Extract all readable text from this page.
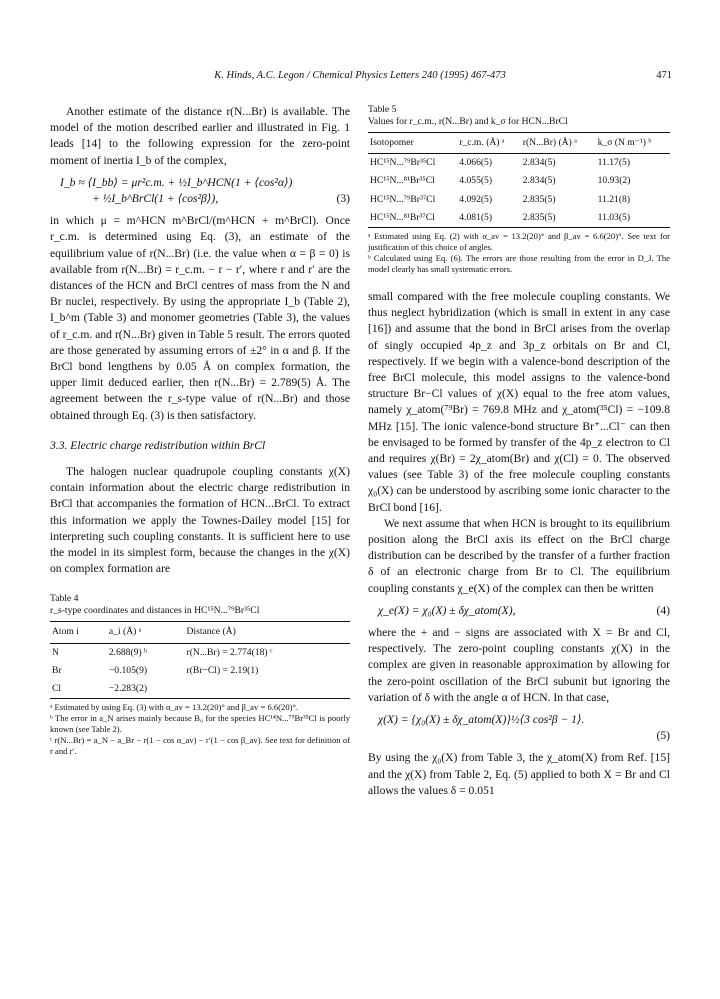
K. Hinds, A.C. Legon / Chemical Physics Letters 240 (1995) 467-473	471

Another estimate of the distance r(N...Br) is available. The model of the motion described earlier and illustrated in Fig. 1 leads [14] to the following expression for the zero-point moment of inertia I_b of the complex,

I_b ≈ ⟨I_bb⟩ = μr²c.m. + ½I_b^HCN(1 + ⟨cos²α⟩)
+ ½I_b^BrCl(1 + ⟨cos²β⟩),	(3)

in which μ = m^HCN m^BrCl/(m^HCN + m^BrCl). Once r_c.m. is determined using Eq. (3), an estimate of the equilibrium value of r(N...Br) (i.e. the value when α = β = 0) is available from r(N...Br) = r_c.m. − r − r′, where r and r′ are the distances of the HCN and BrCl centres of mass from the N and Br nuclei, respectively. By using the appropriate I_b (Table 2), I_b^m (Table 3) and monomer geometries (Table 3), the values of r_c.m. and r(N...Br) given in Table 5 result. The errors quoted are those generated by assuming errors of ±2° in α and β. If the BrCl bond lengthens by 0.05 Å on complex formation, the upper limit deduced earlier, then r(N...Br) = 2.789(5) Å. The agreement between the r_s-type value of r(N...Br) and those obtained through Eq. (3) is then satisfactory.

3.3. Electric charge redistribution within BrCl

The halogen nuclear quadrupole coupling constants χ(X) contain information about the electric charge redistribution in BrCl that accompanies the formation of HCN...BrCl. To extract this information we apply the Townes-Dailey model [15] for interpreting such coupling constants. It is sufficient here to use the model in its simplest form, because the changes in the χ(X) on complex formation are

Table 4

r_s-type coordinates and distances in HC¹⁵N...⁷⁹Br³⁵Cl

Atom i	a_i (Å) ᵃ	Distance (Å)
N	2.688(9) ᵇ	r(N...Br) = 2.774(18) ᶜ
Br	−0.105(9)	r(Br−Cl) = 2.19(1)
Cl	−2.283(2)	

ᵃ Estimated by using Eq. (3) with α_av = 13.2(20)° and β_av = 6.6(20)°.

ᵇ The error in a_N arises mainly because B₀ for the species HC¹⁴N...⁷⁹Br³⁵Cl is poorly known (see Table 2).

ᶜ r(N...Br) = a_N − a_Br − r(1 − cos α_av) − r′(1 − cos β_av). See text for definition of r and r′.

Table 5

Values for r_c.m., r(N...Br) and k_σ for HCN...BrCl

Isotopomer	r_c.m. (Å) ᵃ	r(N...Br) (Å) ᵃ	k_σ (N m⁻¹) ᵇ
HC¹⁵N...⁷⁹Br³⁵Cl	4.066(5)	2.834(5)	11.17(5)
HC¹⁵N...⁸¹Br³⁵Cl	4.055(5)	2.834(5)	10.93(2)
HC¹⁵N...⁷⁹Br³⁷Cl	4.092(5)	2.835(5)	11.21(8)
HC¹⁵N...⁸¹Br³⁷Cl	4.081(5)	2.835(5)	11.03(5)

ᵃ Estimated using Eq. (2) with α_av = 13.2(20)° and β_av = 6.6(20)°. See text for justification of this choice of angles.

ᵇ Calculated using Eq. (6). The errors are those resulting from the error in D_J. The model clearly has small systematic errors.

small compared with the free molecule coupling constants. We thus neglect hybridization (which is small in extent in any case [16]) and assume that the bond in BrCl arises from the overlap of singly occupied 4p_z and 3p_z orbitals on Br and Cl, respectively. If we begin with a valence-bond description of the free BrCl molecule, this model assigns to the valence-bond structure Br−Cl values of χ(X) equal to the free atom values, namely χ_atom(⁷⁹Br) = 769.8 MHz and χ_atom(³⁵Cl) = −109.8 MHz [15]. The ionic valence-bond structure Br⁺...Cl⁻ can then be envisaged to be formed by transfer of the 4p_z electron to Cl and requires χ(Br) = 2χ_atom(Br) and χ(Cl) = 0. The observed values (see Table 3) of the free molecule coupling constants χ₀(X) can be understood by ascribing some ionic character to the BrCl bond [16].

We next assume that when HCN is brought to its equilibrium position along the BrCl axis its effect on the BrCl charge distribution can be described by the transfer of a further fraction δ of an electronic charge from Br to Cl. The equilibrium coupling constants χ_e(X) of the complex can then be written

χ_e(X) = χ₀(X) ± δχ_atom(X),	(4)

where the + and − signs are associated with X = Br and Cl, respectively. The zero-point coupling constants χ(X) in the complex are given in reasonable approximation by allowing for the zero-point oscillation of the BrCl subunit but ignoring the variation of δ with the angle α of HCN. In that case,

χ(X) = {χ₀(X) ± δχ_atom(X)}½⟨3 cos²β − 1⟩.
(5)

By using the χ₀(X) from Table 3, the χ_atom(X) from Ref. [15] and the χ(X) from Table 2, Eq. (5) applied to both X = Br and Cl allows the values δ = 0.051
